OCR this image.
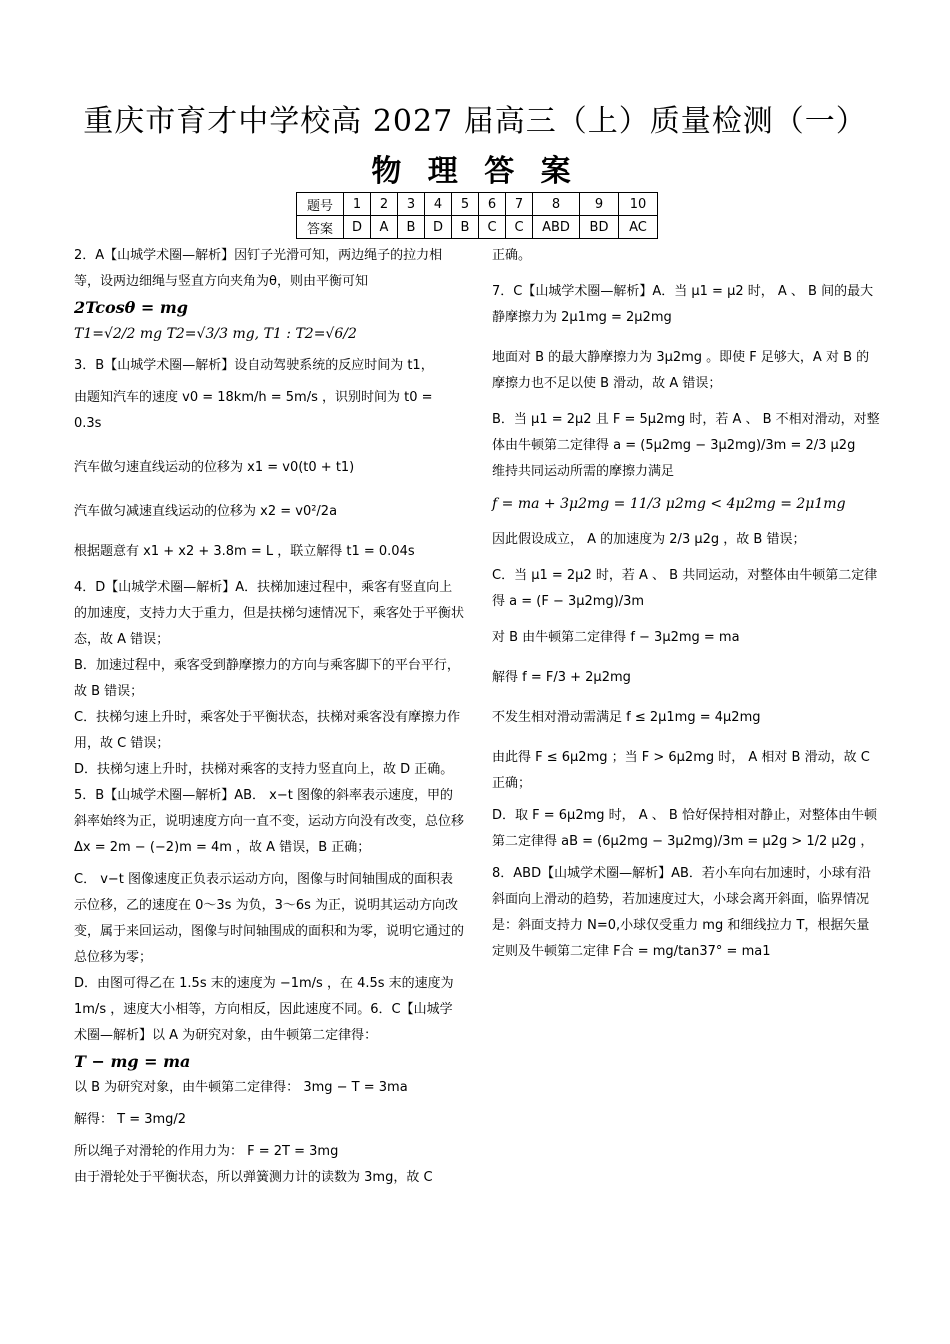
重庆市育才中学校高 2027 届高三（上）质量检测（一）
物 理 答 案
题号	1	2	3	4	5	6	7	8	9	10
答案	D	A	B	D	B	C	C	ABD	BD	AC

2．A【山城学术圈—解析】因钉子光滑可知，两边绳子的拉力相等，设两边细绳与竖直方向夹角为θ，则由平衡可知

2Tcosθ = mg

T1=√2/2 mg T2=√3/3 mg, T1 : T2=√6/2

3．B【山城学术圈—解析】设自动驾驶系统的反应时间为 t1，

由题知汽车的速度 v0 = 18km/h = 5m/s ，识别时间为 t0 = 0.3s

汽车做匀速直线运动的位移为 x1 = v0(t0 + t1)

汽车做匀减速直线运动的位移为 x2 = v0²/2a

根据题意有 x1 + x2 + 3.8m = L ，联立解得 t1 = 0.04s

4．D【山城学术圈—解析】A．扶梯加速过程中，乘客有竖直向上的加速度，支持力大于重力，但是扶梯匀速情况下，乘客处于平衡状态，故 A 错误；

B．加速过程中，乘客受到静摩擦力的方向与乘客脚下的平台平行，故 B 错误；

C．扶梯匀速上升时，乘客处于平衡状态，扶梯对乘客没有摩擦力作用，故 C 错误；

D．扶梯匀速上升时，扶梯对乘客的支持力竖直向上，故 D 正确。

5．B【山城学术圈—解析】AB． x−t 图像的斜率表示速度，甲的斜率始终为正，说明速度方向一直不变，运动方向没有改变，总位移 Δx = 2m − (−2)m = 4m ，故 A 错误，B 正确；

C． v−t 图像速度正负表示运动方向，图像与时间轴围成的面积表示位移，乙的速度在 0～3s 为负，3～6s 为正，说明其运动方向改变，属于来回运动，图像与时间轴围成的面积和为零，说明它通过的总位移为零；

D．由图可得乙在 1.5s 末的速度为 −1m/s ，在 4.5s 末的速度为 1m/s ，速度大小相等，方向相反，因此速度不同。6．C【山城学术圈—解析】以 A 为研究对象，由牛顿第二定律得：

T − mg = ma

以 B 为研究对象，由牛顿第二定律得： 3mg − T = 3ma

解得： T = 3mg/2

所以绳子对滑轮的作用力为： F = 2T = 3mg

由于滑轮处于平衡状态，所以弹簧测力计的读数为 3mg，故 C

正确。

7．C【山城学术圈—解析】A．当 μ1 = μ2 时， A 、 B 间的最大静摩擦力为 2μ1mg = 2μ2mg

地面对 B 的最大静摩擦力为 3μ2mg 。即使 F 足够大，A 对 B 的摩擦力也不足以使 B 滑动，故 A 错误；

B．当 μ1 = 2μ2 且 F = 5μ2mg 时，若 A 、 B 不相对滑动，对整体由牛顿第二定律得 a = (5μ2mg − 3μ2mg)/3m = 2/3 μ2g

维持共同运动所需的摩擦力满足

f = ma + 3μ2mg = 11/3 μ2mg < 4μ2mg = 2μ1mg

因此假设成立， A 的加速度为 2/3 μ2g ，故 B 错误；

C．当 μ1 = 2μ2 时，若 A 、 B 共同运动，对整体由牛顿第二定律得 a = (F − 3μ2mg)/3m

对 B 由牛顿第二定律得 f − 3μ2mg = ma

解得 f = F/3 + 2μ2mg

不发生相对滑动需满足 f ≤ 2μ1mg = 4μ2mg

由此得 F ≤ 6μ2mg ；当 F > 6μ2mg 时， A 相对 B 滑动，故 C 正确；

D．取 F = 6μ2mg 时， A 、 B 恰好保持相对静止，对整体由牛顿第二定律得 aB = (6μ2mg − 3μ2mg)/3m = μ2g > 1/2 μ2g ，

8．ABD【山城学术圈—解析】AB．若小车向右加速时，小球有沿斜面向上滑动的趋势，若加速度过大，小球会离开斜面，临界情况是：斜面支持力 N=0,小球仅受重力 mg 和细线拉力 T，根据矢量定则及牛顿第二定律 F合 = mg/tan37° = ma1
